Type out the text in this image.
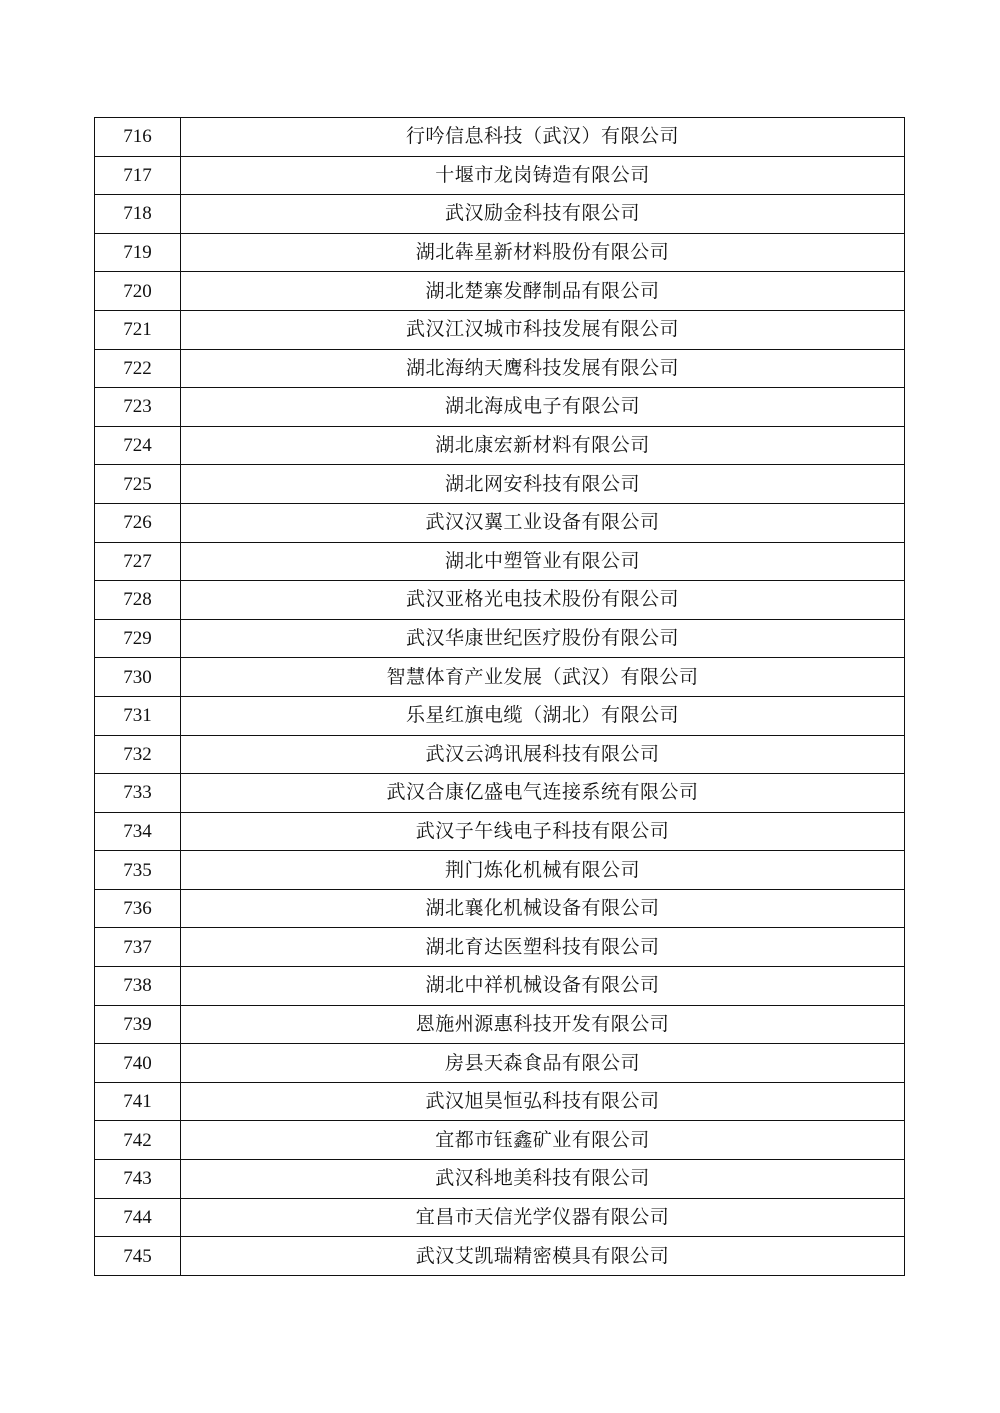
716	行吟信息科技（武汉）有限公司
717	十堰市龙岗铸造有限公司
718	武汉励金科技有限公司
719	湖北犇星新材料股份有限公司
720	湖北楚寨发酵制品有限公司
721	武汉江汉城市科技发展有限公司
722	湖北海纳天鹰科技发展有限公司
723	湖北海成电子有限公司
724	湖北康宏新材料有限公司
725	湖北网安科技有限公司
726	武汉汉翼工业设备有限公司
727	湖北中塑管业有限公司
728	武汉亚格光电技术股份有限公司
729	武汉华康世纪医疗股份有限公司
730	智慧体育产业发展（武汉）有限公司
731	乐星红旗电缆（湖北）有限公司
732	武汉云鸿讯展科技有限公司
733	武汉合康亿盛电气连接系统有限公司
734	武汉子午线电子科技有限公司
735	荆门炼化机械有限公司
736	湖北襄化机械设备有限公司
737	湖北育达医塑科技有限公司
738	湖北中祥机械设备有限公司
739	恩施州源惠科技开发有限公司
740	房县天森食品有限公司
741	武汉旭昊恒弘科技有限公司
742	宜都市钰鑫矿业有限公司
743	武汉科地美科技有限公司
744	宜昌市天信光学仪器有限公司
745	武汉艾凯瑞精密模具有限公司
